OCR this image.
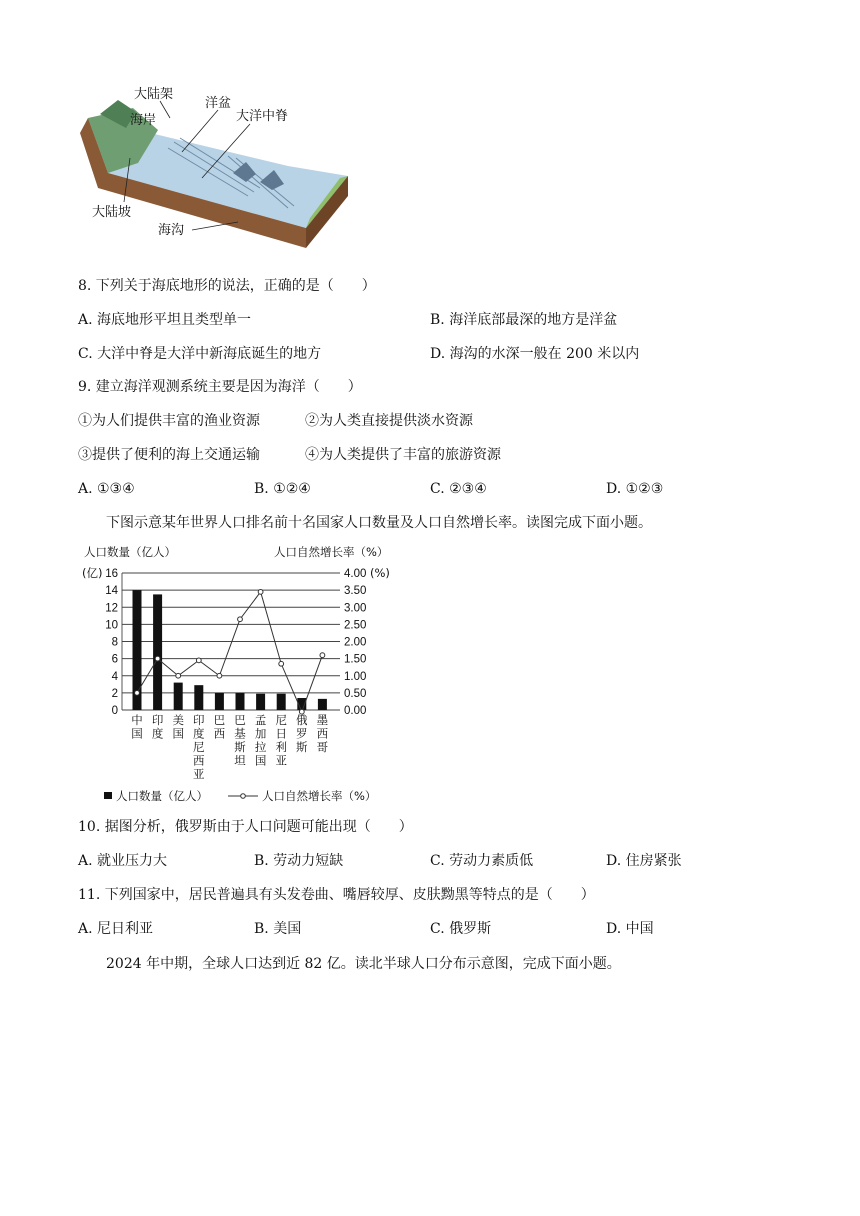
大陆架
海岸
洋盆
大洋中脊
大陆坡
海沟
8. 下列关于海底地形的说法，正确的是（　　）
A. 海底地形平坦且类型单一	B. 海洋底部最深的地方是洋盆
C. 大洋中脊是大洋中新海底诞生的地方	D. 海沟的水深一般在 200 米以内
9. 建立海洋观测系统主要是因为海洋（　　）
①为人们提供丰富的渔业资源	②为人类直接提供淡水资源
③提供了便利的海上交通运输	④为人类提供了丰富的旅游资源
A. ①③④	B. ①②④	C. ②③④	D. ①②③
下图示意某年世界人口排名前十名国家人口数量及人口自然增长率。读图完成下面小题。
人口数量（亿人）	人口自然增长率（%）
(亿)	(%)
16	4.00
14	3.50
12	3.00
10	2.50
8	2.00
6	1.50
4	1.00
2	0.50
0	0.00
中国
印度
美国
印度尼西亚
巴西
巴基斯坦
孟加拉国
尼日利亚
俄罗斯
墨西哥
人口数量（亿人）	人口自然增长率（%）
10. 据图分析，俄罗斯由于人口问题可能出现（　　）
A. 就业压力大	B. 劳动力短缺	C. 劳动力素质低	D. 住房紧张
11. 下列国家中，居民普遍具有头发卷曲、嘴唇较厚、皮肤黝黑等特点的是（　　）
A. 尼日利亚	B. 美国	C. 俄罗斯	D. 中国
2024 年中期，全球人口达到近 82 亿。读北半球人口分布示意图，完成下面小题。
